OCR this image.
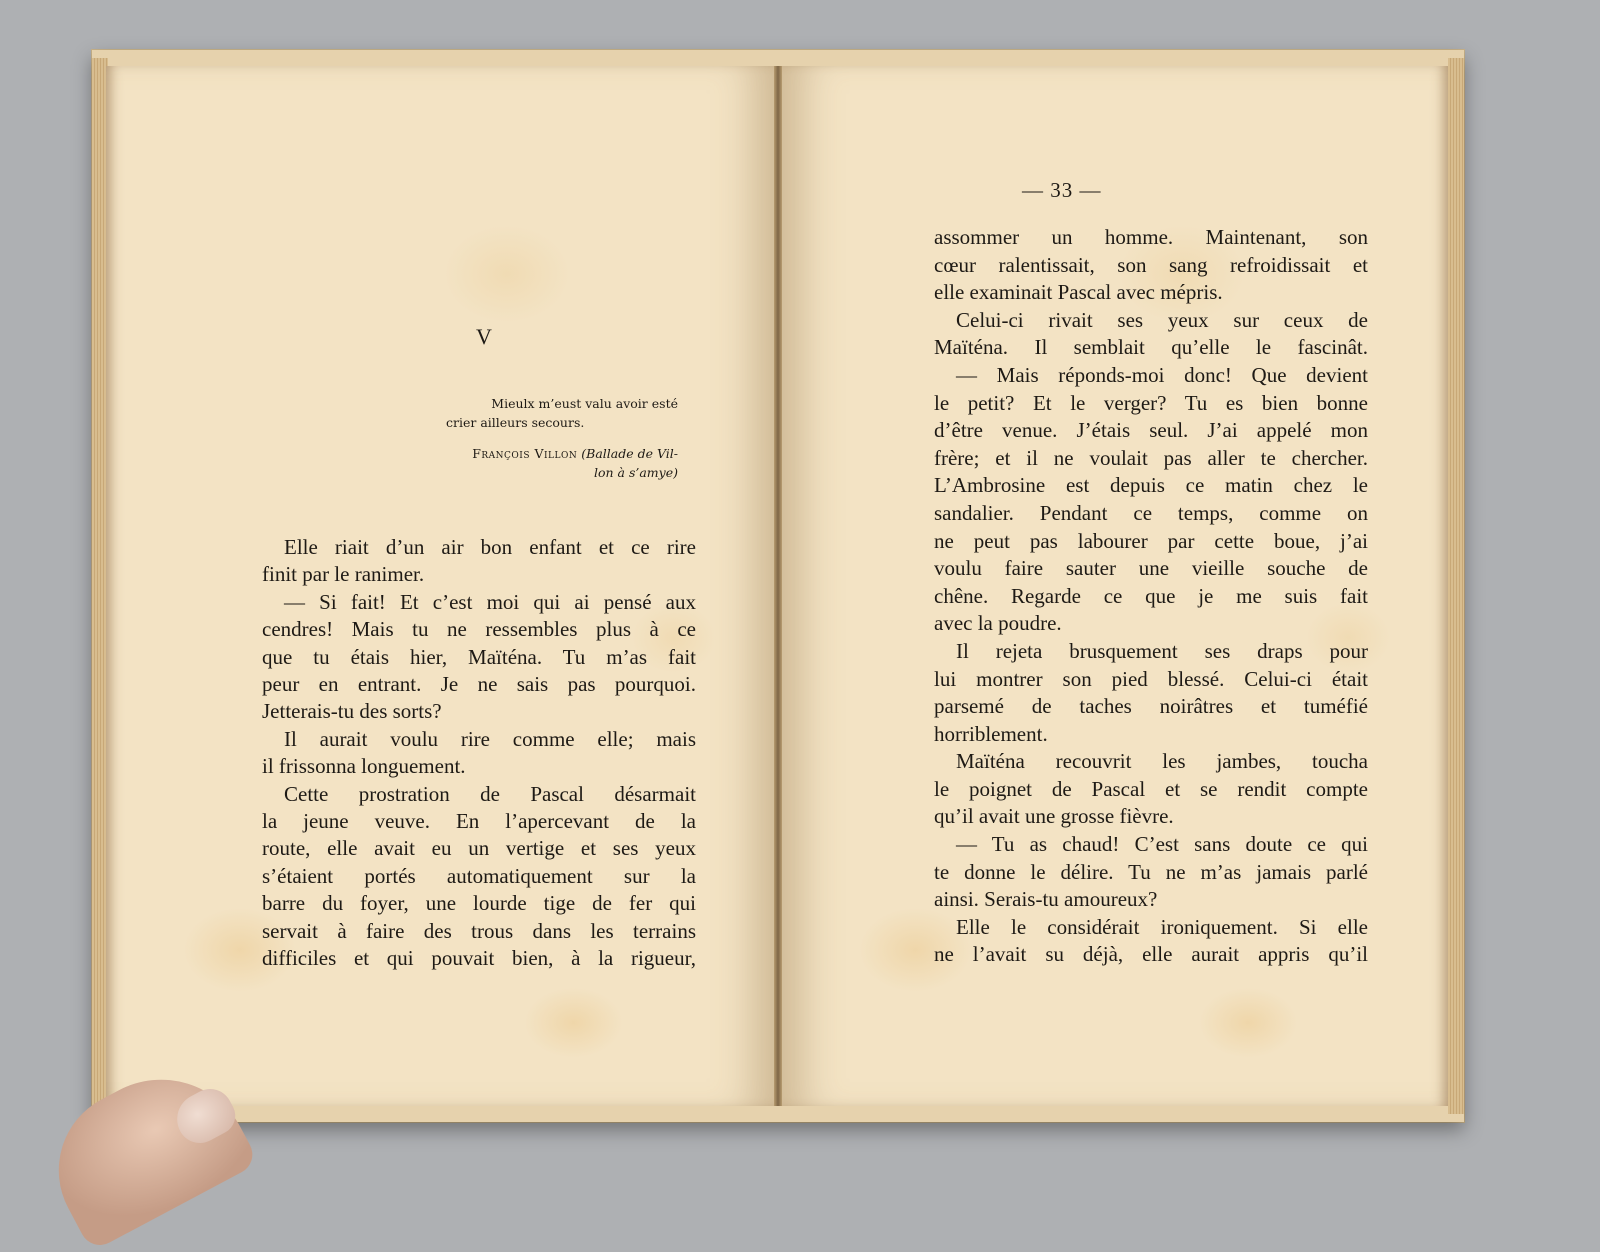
V
Mieulx m’eust valu avoir esté
crier ailleurs secours.
François Villon (Ballade de Vil-
lon à s’amye)
Elle riait d’un air bon enfant et ce rire
finit par le ranimer.
— Si fait! Et c’est moi qui ai pensé aux
cendres! Mais tu ne ressembles plus à ce
que tu étais hier, Maïténa. Tu m’as fait
peur en entrant. Je ne sais pas pourquoi.
Jetterais-tu des sorts?
Il aurait voulu rire comme elle; mais
il frissonna longuement.
Cette prostration de Pascal désarmait
la jeune veuve. En l’apercevant de la
route, elle avait eu un vertige et ses yeux
s’étaient portés automatiquement sur la
barre du foyer, une lourde tige de fer qui
servait à faire des trous dans les terrains
difficiles et qui pouvait bien, à la rigueur,
— 33 —
assommer un homme. Maintenant, son
cœur ralentissait, son sang refroidissait et
elle examinait Pascal avec mépris.
Celui-ci rivait ses yeux sur ceux de
Maïténa. Il semblait qu’elle le fascinât.
— Mais réponds-moi donc! Que devient
le petit? Et le verger? Tu es bien bonne
d’être venue. J’étais seul. J’ai appelé mon
frère; et il ne voulait pas aller te chercher.
L’Ambrosine est depuis ce matin chez le
sandalier. Pendant ce temps, comme on
ne peut pas labourer par cette boue, j’ai
voulu faire sauter une vieille souche de
chêne. Regarde ce que je me suis fait
avec la poudre.
Il rejeta brusquement ses draps pour
lui montrer son pied blessé. Celui-ci était
parsemé de taches noirâtres et tuméfié
horriblement.
Maïténa recouvrit les jambes, toucha
le poignet de Pascal et se rendit compte
qu’il avait une grosse fièvre.
— Tu as chaud! C’est sans doute ce qui
te donne le délire. Tu ne m’as jamais parlé
ainsi. Serais-tu amoureux?
Elle le considérait ironiquement. Si elle
ne l’avait su déjà, elle aurait appris qu’il
